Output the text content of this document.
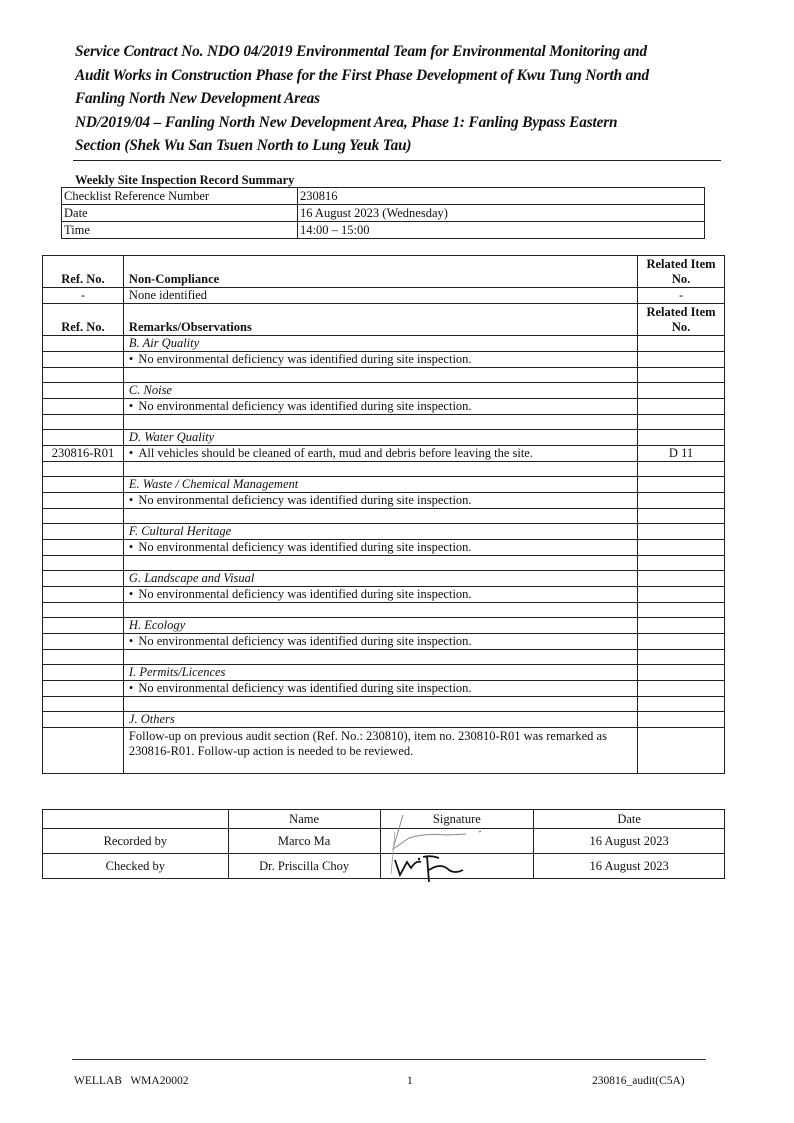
Service Contract No. NDO 04/2019 Environmental Team for Environmental Monitoring and
Audit Works in Construction Phase for the First Phase Development of Kwu Tung North and
Fanling North New Development Areas
ND/2019/04 – Fanling North New Development Area, Phase 1: Fanling Bypass Eastern
Section (Shek Wu San Tsuen North to Lung Yeuk Tau)
Weekly Site Inspection Record Summary
Checklist Reference Number	230816
Date	16 August 2023 (Wednesday)
Time	14:00 – 15:00
Ref. No.	Non-Compliance	Related Item No.
-	None identified	-
Ref. No.	Remarks/Observations	Related Item No.
	B. Air Quality	
	• No environmental deficiency was identified during site inspection.	

	C. Noise	
	• No environmental deficiency was identified during site inspection.	

	D. Water Quality	
230816-R01	• All vehicles should be cleaned of earth, mud and debris before leaving the site.	D 11

	E. Waste / Chemical Management	
	• No environmental deficiency was identified during site inspection.	

	F. Cultural Heritage	
	• No environmental deficiency was identified during site inspection.	

	G. Landscape and Visual	
	• No environmental deficiency was identified during site inspection.	

	H. Ecology	
	• No environmental deficiency was identified during site inspection.	

	I. Permits/Licences	
	• No environmental deficiency was identified during site inspection.	

	J. Others	
	Follow-up on previous audit section (Ref. No.: 230810), item no. 230810-R01 was remarked as 230816-R01. Follow-up action is needed to be reviewed.	
	Name	Signature	Date
Recorded by	Marco Ma		16 August 2023
Checked by	Dr. Priscilla Choy		16 August 2023
WELLAB   WMA20002	1	230816_audit(C5A)
